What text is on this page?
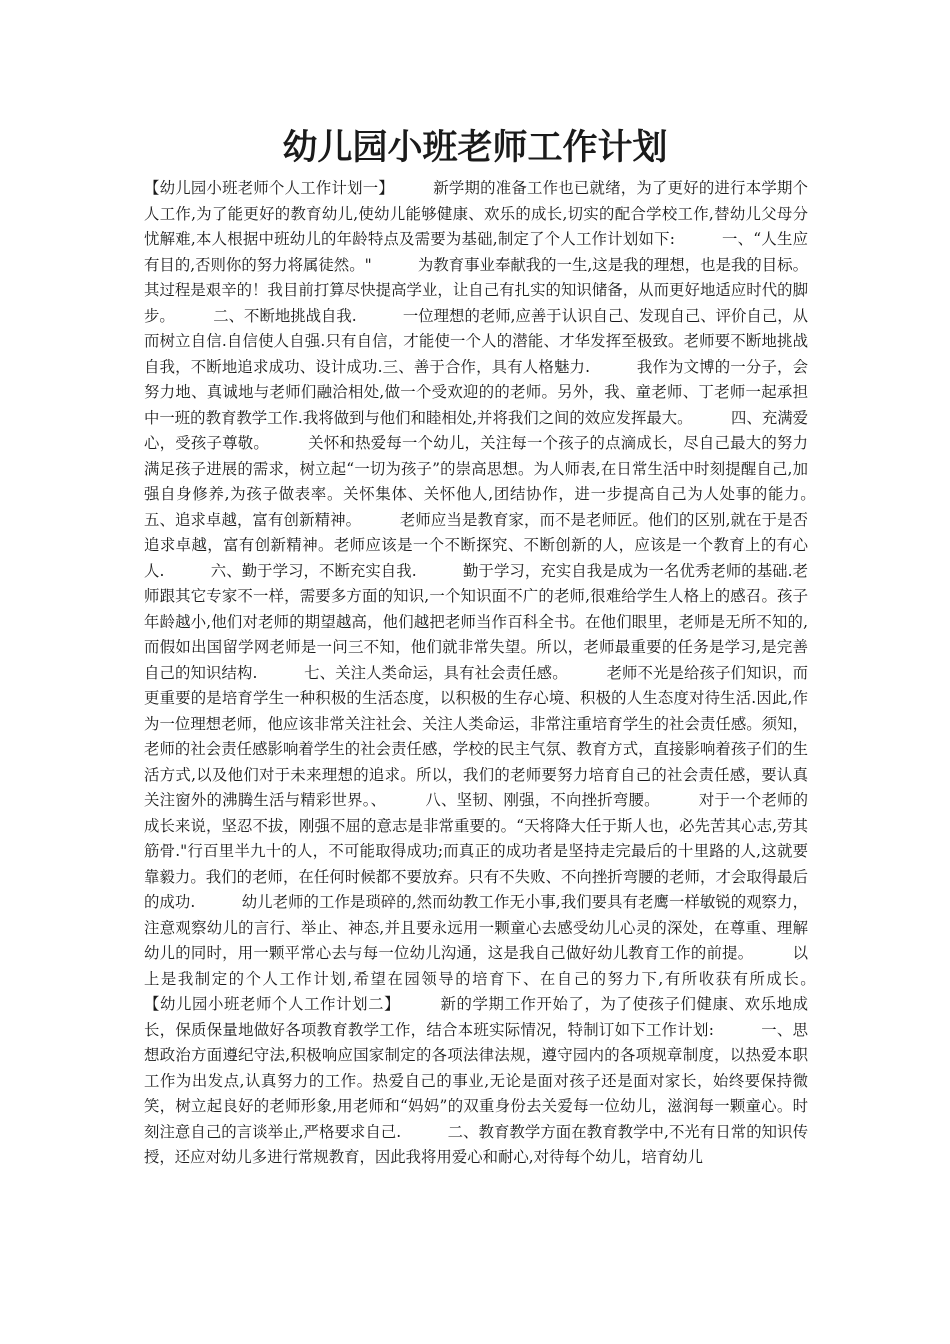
幼儿园小班老师工作计划

【幼儿园小班老师个人工作计划一】　　　新学期的准备工作也已就绪，为了更好的进行本学期个人工作,为了能更好的教育幼儿,使幼儿能够健康、欢乐的成长,切实的配合学校工作,替幼儿父母分忧解难,本人根据中班幼儿的年龄特点及需要为基础,制定了个人工作计划如下:　　　一、“人生应有目的,否则你的努力将属徒然。"　　　为教育事业奉献我的一生,这是我的理想，也是我的目标。其过程是艰辛的！我目前打算尽快提高学业，让自己有扎实的知识储备，从而更好地适应时代的脚步。　　　二、不断地挑战自我.　　　一位理想的老师,应善于认识自己、发现自己、评价自己，从而树立自信.自信使人自强.只有自信，才能使一个人的潜能、才华发挥至极致。老师要不断地挑战自我，不断地追求成功、设计成功.三、善于合作，具有人格魅力.　　　我作为文博的一分子，会努力地、真诚地与老师们融洽相处,做一个受欢迎的的老师。另外，我、童老师、丁老师一起承担中一班的教育教学工作.我将做到与他们和睦相处,并将我们之间的效应发挥最大。　　　四、充满爱心，受孩子尊敬。　　　关怀和热爱每一个幼儿，关注每一个孩子的点滴成长，尽自己最大的努力满足孩子进展的需求，树立起“一切为孩子”的崇高思想。为人师表,在日常生活中时刻提醒自己,加强自身修养,为孩子做表率。关怀集体、关怀他人,团结协作，进一步提高自己为人处事的能力。　　　五、追求卓越，富有创新精神。　　　老师应当是教育家，而不是老师匠。他们的区别,就在于是否追求卓越，富有创新精神。老师应该是一个不断探究、不断创新的人，应该是一个教育上的有心人.　　　六、勤于学习，不断充实自我.　　　勤于学习，充实自我是成为一名优秀老师的基础.老师跟其它专家不一样，需要多方面的知识,一个知识面不广的老师,很难给学生人格上的感召。孩子年龄越小,他们对老师的期望越高，他们越把老师当作百科全书。在他们眼里，老师是无所不知的,而假如出国留学网老师是一问三不知，他们就非常失望。所以，老师最重要的任务是学习,是完善自己的知识结构.　　　七、关注人类命运，具有社会责任感。　　　老师不光是给孩子们知识，而更重要的是培育学生一种积极的生活态度，以积极的生存心境、积极的人生态度对待生活.因此,作为一位理想老师，他应该非常关注社会、关注人类命运，非常注重培育学生的社会责任感。须知，老师的社会责任感影响着学生的社会责任感，学校的民主气氛、教育方式，直接影响着孩子们的生活方式,以及他们对于未来理想的追求。所以，我们的老师要努力培育自己的社会责任感，要认真关注窗外的沸腾生活与精彩世界。、　　　八、坚韧、刚强，不向挫折弯腰。　　　对于一个老师的成长来说，坚忍不拔，刚强不屈的意志是非常重要的。“天将降大任于斯人也，必先苦其心志,劳其筋骨."行百里半九十的人，不可能取得成功;而真正的成功者是坚持走完最后的十里路的人,这就要靠毅力。我们的老师，在任何时候都不要放弃。只有不失败、不向挫折弯腰的老师，才会取得最后的成功.　　　幼儿老师的工作是琐碎的,然而幼教工作无小事,我们要具有老鹰一样敏锐的观察力，注意观察幼儿的言行、举止、神态,并且要永远用一颗童心去感受幼儿心灵的深处，在尊重、理解幼儿的同时，用一颗平常心去与每一位幼儿沟通，这是我自己做好幼儿教育工作的前提。　　　以上是我制定的个人工作计划,希望在园领导的培育下、在自己的努力下,有所收获有所成长。　　　【幼儿园小班老师个人工作计划二】　　　新的学期工作开始了，为了使孩子们健康、欢乐地成长，保质保量地做好各项教育教学工作，结合本班实际情况，特制订如下工作计划:　　　一、思想政治方面遵纪守法,积极响应国家制定的各项法律法规，遵守园内的各项规章制度，以热爱本职工作为出发点,认真努力的工作。热爱自己的事业,无论是面对孩子还是面对家长，始终要保持微笑，树立起良好的老师形象,用老师和“妈妈”的双重身份去关爱每一位幼儿，滋润每一颗童心。时刻注意自己的言谈举止,严格要求自己.　　　二、教育教学方面在教育教学中,不光有日常的知识传授，还应对幼儿多进行常规教育，因此我将用爱心和耐心,对待每个幼儿，培育幼儿
